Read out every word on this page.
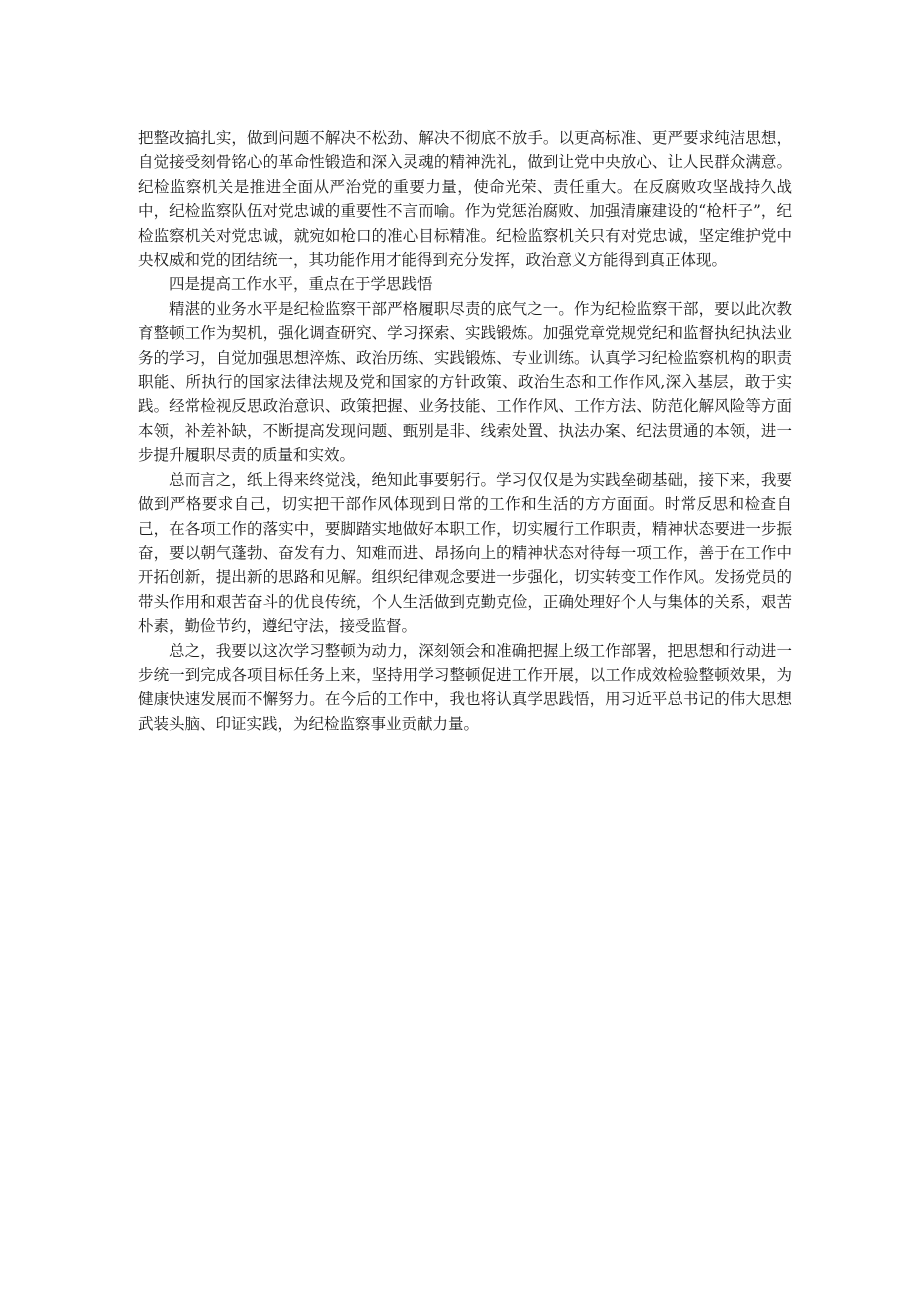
把整改搞扎实，做到问题不解决不松劲、解决不彻底不放手。以更高标准、更严要求纯洁思想，自觉接受刻骨铭心的革命性锻造和深入灵魂的精神洗礼，做到让党中央放心、让人民群众满意。纪检监察机关是推进全面从严治党的重要力量，使命光荣、责任重大。在反腐败攻坚战持久战中，纪检监察队伍对党忠诚的重要性不言而喻。作为党惩治腐败、加强清廉建设的“枪杆子”，纪检监察机关对党忠诚，就宛如枪口的准心目标精准。纪检监察机关只有对党忠诚，坚定维护党中央权威和党的团结统一，其功能作用才能得到充分发挥，政治意义方能得到真正体现。

四是提高工作水平，重点在于学思践悟

精湛的业务水平是纪检监察干部严格履职尽责的底气之一。作为纪检监察干部，要以此次教育整顿工作为契机，强化调查研究、学习探索、实践锻炼。加强党章党规党纪和监督执纪执法业务的学习，自觉加强思想淬炼、政治历练、实践锻炼、专业训练。认真学习纪检监察机构的职责职能、所执行的国家法律法规及党和国家的方针政策、政治生态和工作作风,深入基层，敢于实践。经常检视反思政治意识、政策把握、业务技能、工作作风、工作方法、防范化解风险等方面本领，补差补缺，不断提高发现问题、甄别是非、线索处置、执法办案、纪法贯通的本领，进一步提升履职尽责的质量和实效。

总而言之，纸上得来终觉浅，绝知此事要躬行。学习仅仅是为实践垒砌基础，接下来，我要做到严格要求自己，切实把干部作风体现到日常的工作和生活的方方面面。时常反思和检查自己，在各项工作的落实中，要脚踏实地做好本职工作，切实履行工作职责，精神状态要进一步振奋，要以朝气蓬勃、奋发有力、知难而进、昂扬向上的精神状态对待每一项工作，善于在工作中开拓创新，提出新的思路和见解。组织纪律观念要进一步强化，切实转变工作作风。发扬党员的带头作用和艰苦奋斗的优良传统，个人生活做到克勤克俭，正确处理好个人与集体的关系，艰苦朴素，勤俭节约，遵纪守法，接受监督。

总之，我要以这次学习整顿为动力，深刻领会和准确把握上级工作部署，把思想和行动进一步统一到完成各项目标任务上来，坚持用学习整顿促进工作开展，以工作成效检验整顿效果，为健康快速发展而不懈努力。在今后的工作中，我也将认真学思践悟，用习近平总书记的伟大思想武装头脑、印证实践，为纪检监察事业贡献力量。
